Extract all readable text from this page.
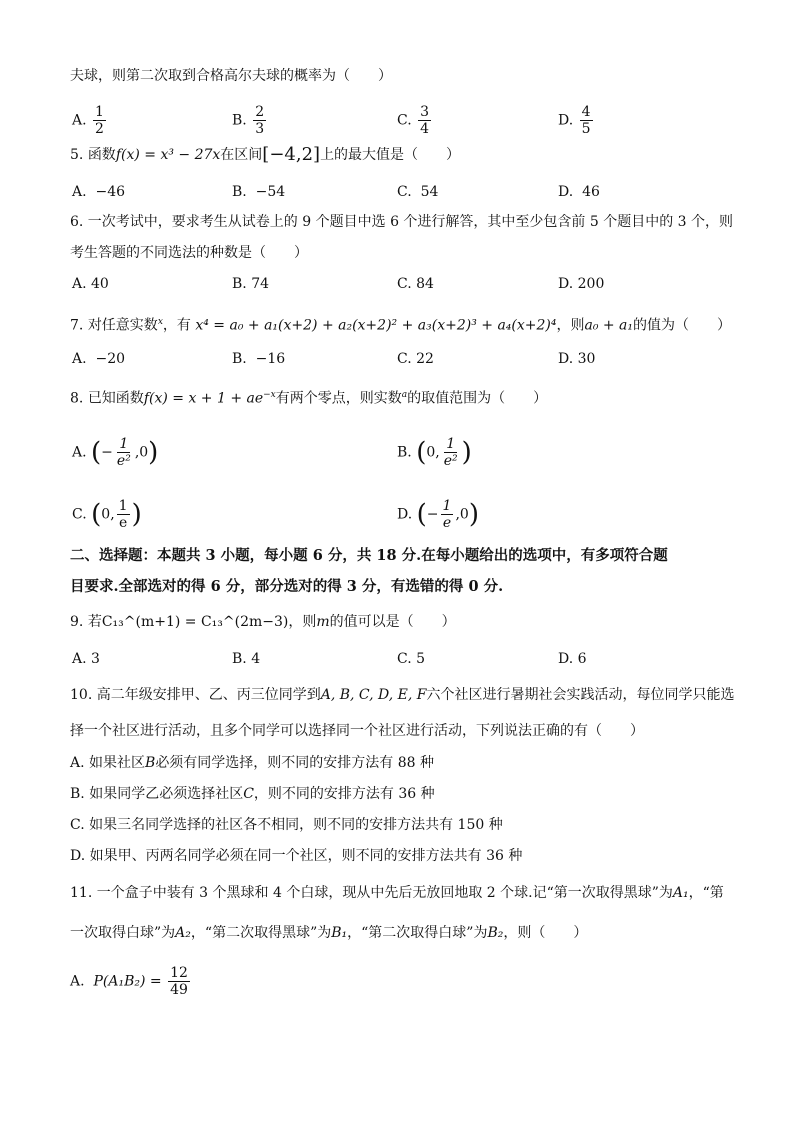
夫球，则第二次取到合格高尔夫球的概率为（　　）
A. $\frac{1}{2}$	B. $\frac{2}{3}$	C. $\frac{3}{4}$	D. $\frac{4}{5}$
5. 函数f(x) = x³ − 27x在区间[−4,2]上的最大值是（　　）
A. −46	B. −54	C. 54	D. 46
6. 一次考试中，要求考生从试卷上的 9 个题目中选 6 个进行解答，其中至少包含前 5 个题目中的 3 个，则
考生答题的不同选法的种数是（　　）
A. 40	B. 74	C. 84	D. 200
7. 对任意实数$^x$，有 x⁴ = a₀ + a₁(x+2) + a₂(x+2)² + a₃(x+2)³ + a₄(x+2)⁴，则a₀ + a₁的值为（　　）
A. −20	B. −16	C. 22	D. 30
8. 已知函数$f(x) = x + 1 + ae^{-x}$有两个零点，则实数$^a$的取值范围为（　　）
A. (− $\frac{1}{\text{e²}} ,0$)	B. (0, $\frac{1}{\text{e²}}$ )
C. (0, $\frac{1}{e}$ )	D. (− $\frac{1}{e} ,0$)
二、选择题：本题共 3 小题，每小题 6 分，共 18 分.在每小题给出的选项中，有多项符合题
目要求.全部选对的得 6 分，部分选对的得 3 分，有选错的得 0 分.
9. 若C₁₃^(m+1) = C₁₃^(2m−3)，则m的值可以是（　　）
A. 3	B. 4	C. 5	D. 6
10. 高二年级安排甲、乙、丙三位同学到A, B, C, D, E, F六个社区进行暑期社会实践活动，每位同学只能选
择一个社区进行活动，且多个同学可以选择同一个社区进行活动，下列说法正确的有（　　）
A. 如果社区B必须有同学选择，则不同的安排方法有 88 种
B. 如果同学乙必须选择社区C，则不同的安排方法有 36 种
C. 如果三名同学选择的社区各不相同，则不同的安排方法共有 150 种
D. 如果甲、丙两名同学必须在同一个社区，则不同的安排方法共有 36 种
11. 一个盒子中装有 3 个黑球和 4 个白球，现从中先后无放回地取 2 个球.记“第一次取得黑球”为A₁，“第
一次取得白球”为A₂，“第二次取得黑球”为B₁，“第二次取得白球”为B₂，则（　　）
A. $P(A_1B_2) = \frac{12}{49}$
